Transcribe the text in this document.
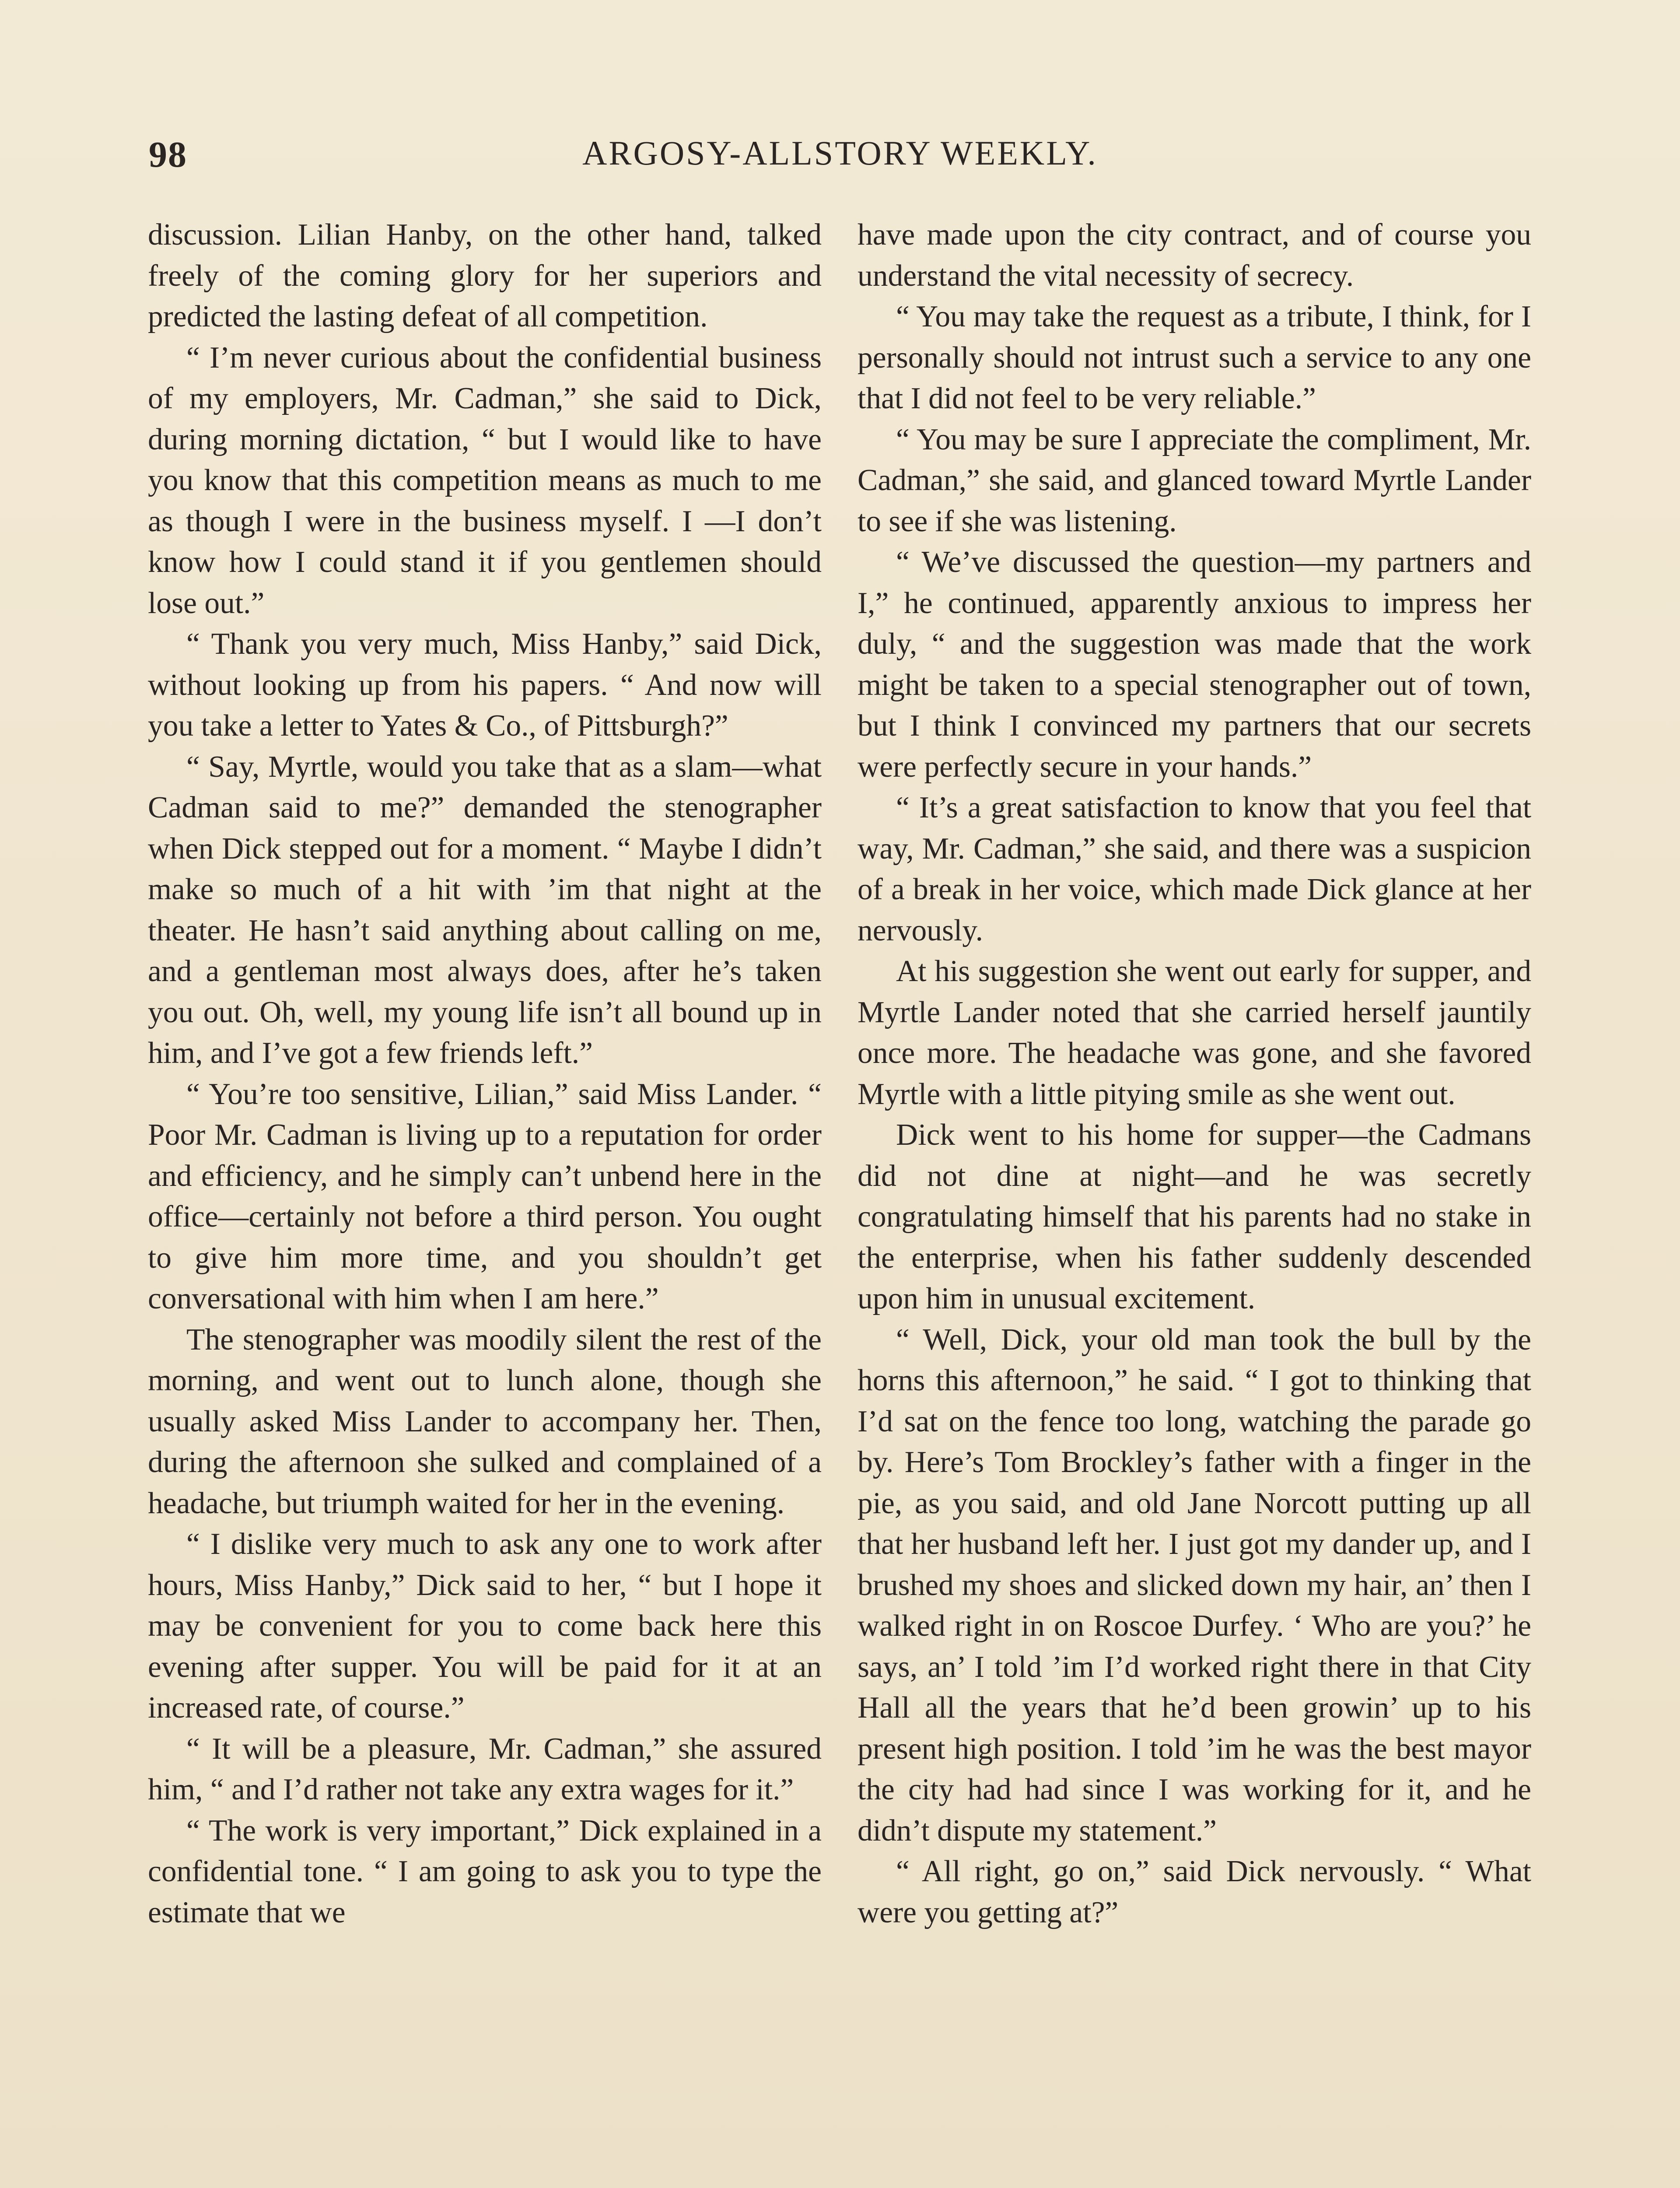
98	ARGOSY-ALLSTORY WEEKLY.

discussion. Lilian Hanby, on the other hand, talked freely of the coming glory for her superiors and predicted the lasting defeat of all competition.

“ I’m never curious about the confidential business of my employers, Mr. Cadman,” she said to Dick, during morning dictation, “ but I would like to have you know that this competition means as much to me as though I were in the business myself. I —I don’t know how I could stand it if you gentlemen should lose out.”

“ Thank you very much, Miss Hanby,” said Dick, without looking up from his papers. “ And now will you take a letter to Yates & Co., of Pittsburgh?”

“ Say, Myrtle, would you take that as a slam—what Cadman said to me?” demanded the stenographer when Dick stepped out for a moment. “ Maybe I didn’t make so much of a hit with ’im that night at the theater. He hasn’t said anything about calling on me, and a gentleman most always does, after he’s taken you out. Oh, well, my young life isn’t all bound up in him, and I’ve got a few friends left.”

“ You’re too sensitive, Lilian,” said Miss Lander. “ Poor Mr. Cadman is living up to a reputation for order and efficiency, and he simply can’t unbend here in the office—certainly not before a third person. You ought to give him more time, and you shouldn’t get conversational with him when I am here.”

The stenographer was moodily silent the rest of the morning, and went out to lunch alone, though she usually asked Miss Lander to accompany her. Then, during the afternoon she sulked and complained of a headache, but triumph waited for her in the evening.

“ I dislike very much to ask any one to work after hours, Miss Hanby,” Dick said to her, “ but I hope it may be convenient for you to come back here this evening after supper. You will be paid for it at an increased rate, of course.”

“ It will be a pleasure, Mr. Cadman,” she assured him, “ and I’d rather not take any extra wages for it.”

“ The work is very important,” Dick explained in a confidential tone. “ I am going to ask you to type the estimate that we

have made upon the city contract, and of course you understand the vital necessity of secrecy.

“ You may take the request as a tribute, I think, for I personally should not intrust such a service to any one that I did not feel to be very reliable.”

“ You may be sure I appreciate the compliment, Mr. Cadman,” she said, and glanced toward Myrtle Lander to see if she was listening.

“ We’ve discussed the question—my partners and I,” he continued, apparently anxious to impress her duly, “ and the suggestion was made that the work might be taken to a special stenographer out of town, but I think I convinced my partners that our secrets were perfectly secure in your hands.”

“ It’s a great satisfaction to know that you feel that way, Mr. Cadman,” she said, and there was a suspicion of a break in her voice, which made Dick glance at her nervously.

At his suggestion she went out early for supper, and Myrtle Lander noted that she carried herself jauntily once more. The headache was gone, and she favored Myrtle with a little pitying smile as she went out.

Dick went to his home for supper—the Cadmans did not dine at night—and he was secretly congratulating himself that his parents had no stake in the enterprise, when his father suddenly descended upon him in unusual excitement.

“ Well, Dick, your old man took the bull by the horns this afternoon,” he said. “ I got to thinking that I’d sat on the fence too long, watching the parade go by. Here’s Tom Brockley’s father with a finger in the pie, as you said, and old Jane Norcott putting up all that her husband left her. I just got my dander up, and I brushed my shoes and slicked down my hair, an’ then I walked right in on Roscoe Durfey. ‘ Who are you?’ he says, an’ I told ’im I’d worked right there in that City Hall all the years that he’d been growin’ up to his present high position. I told ’im he was the best mayor the city had had since I was working for it, and he didn’t dispute my statement.”

“ All right, go on,” said Dick nervously. “ What were you getting at?”
